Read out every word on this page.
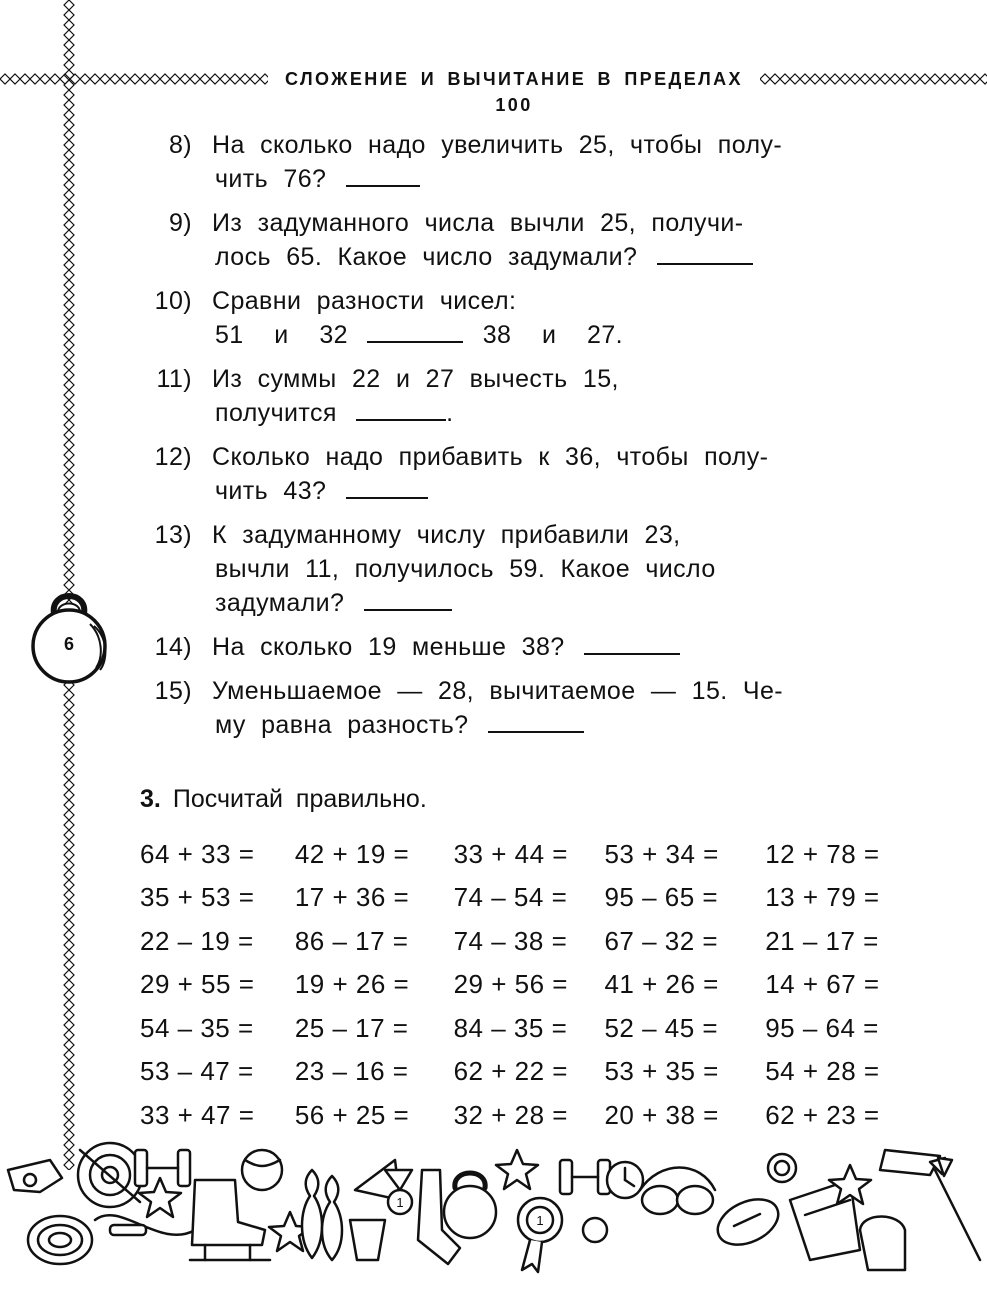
СЛОЖЕНИЕ И ВЫЧИТАНИЕ В ПРЕДЕЛАХ 100
6
8) На сколько надо увеличить 25, чтобы полу-
чить 76?
9) Из задуманного числа вычли 25, получи-
лось 65. Какое число задумали?
10) Сравни разности чисел:
51  и  32	38  и  27.
11) Из суммы 22 и 27 вычесть 15,
получится	.
12) Сколько надо прибавить к 36, чтобы полу-
чить 43?
13) К задуманному числу прибавили 23,
вычли 11, получилось 59. Какое число
задумали?
14) На сколько 19 меньше 38?
15) Уменьшаемое — 28, вычитаемое — 15. Че-
му равна разность?
3. Посчитай правильно.
64 + 33 =	42 + 19 =	33 + 44 =	53 + 34 =	12 + 78 =
35 + 53 =	17 + 36 =	74 – 54 =	95 – 65 =	13 + 79 =
22 – 19 =	86 – 17 =	74 – 38 =	67 – 32 =	21 – 17 =
29 + 55 =	19 + 26 =	29 + 56 =	41 + 26 =	14 + 67 =
54 – 35 =	25 – 17 =	84 – 35 =	52 – 45 =	95 – 64 =
53 – 47 =	23 – 16 =	62 + 22 =	53 + 35 =	54 + 28 =
33 + 47 =	56 + 25 =	32 + 28 =	20 + 38 =	62 + 23 =
1
1
